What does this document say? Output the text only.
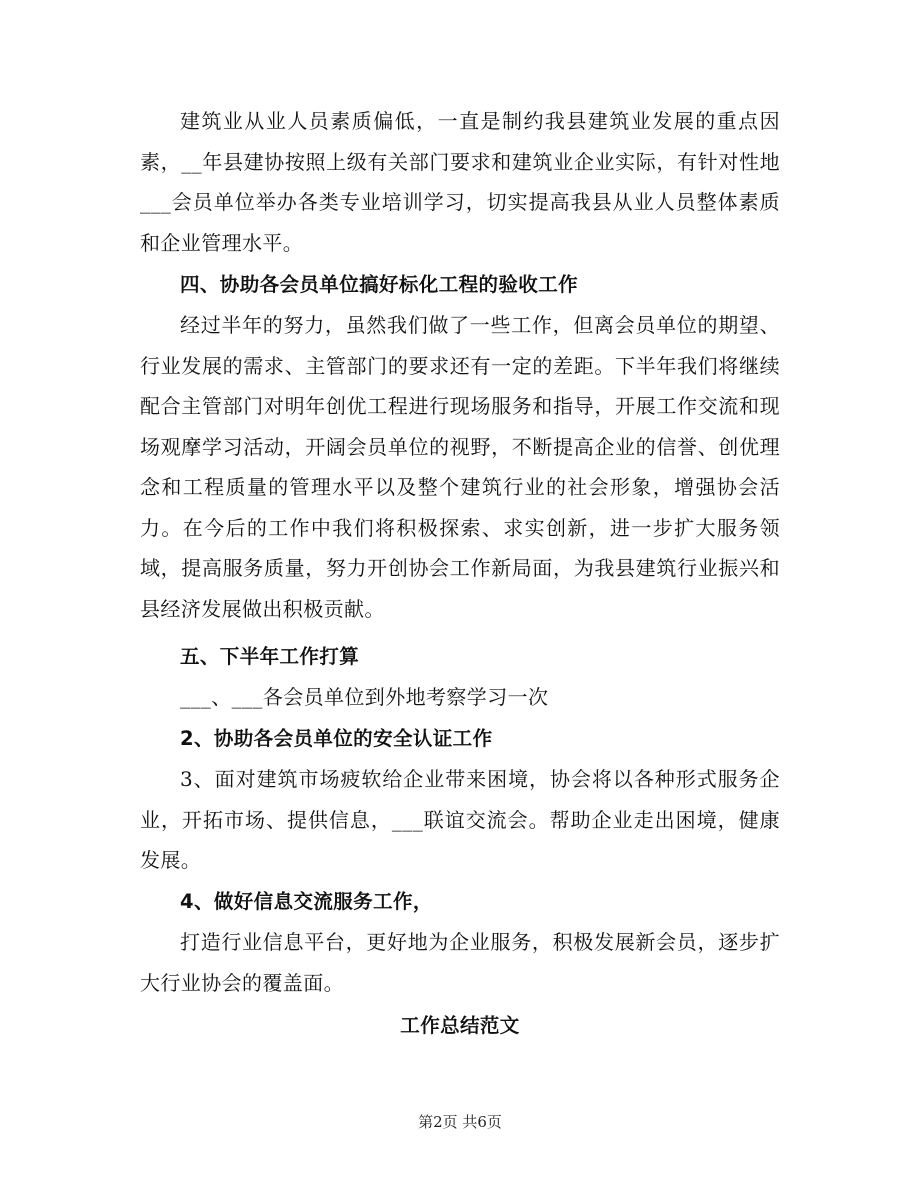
建筑业从业人员素质偏低，一直是制约我县建筑业发展的重点因素，__年县建协按照上级有关部门要求和建筑业企业实际，有针对性地___会员单位举办各类专业培训学习，切实提高我县从业人员整体素质和企业管理水平。

四、协助各会员单位搞好标化工程的验收工作

经过半年的努力，虽然我们做了一些工作，但离会员单位的期望、行业发展的需求、主管部门的要求还有一定的差距。下半年我们将继续配合主管部门对明年创优工程进行现场服务和指导，开展工作交流和现场观摩学习活动，开阔会员单位的视野，不断提高企业的信誉、创优理念和工程质量的管理水平以及整个建筑行业的社会形象，增强协会活力。在今后的工作中我们将积极探索、求实创新，进一步扩大服务领域，提高服务质量，努力开创协会工作新局面，为我县建筑行业振兴和县经济发展做出积极贡献。

五、下半年工作打算

___、___各会员单位到外地考察学习一次

2、协助各会员单位的安全认证工作

3、面对建筑市场疲软给企业带来困境，协会将以各种形式服务企业，开拓市场、提供信息，___联谊交流会。帮助企业走出困境，健康发展。

4、做好信息交流服务工作，

打造行业信息平台，更好地为企业服务，积极发展新会员，逐步扩大行业协会的覆盖面。

工作总结范文
第2页 共6页
